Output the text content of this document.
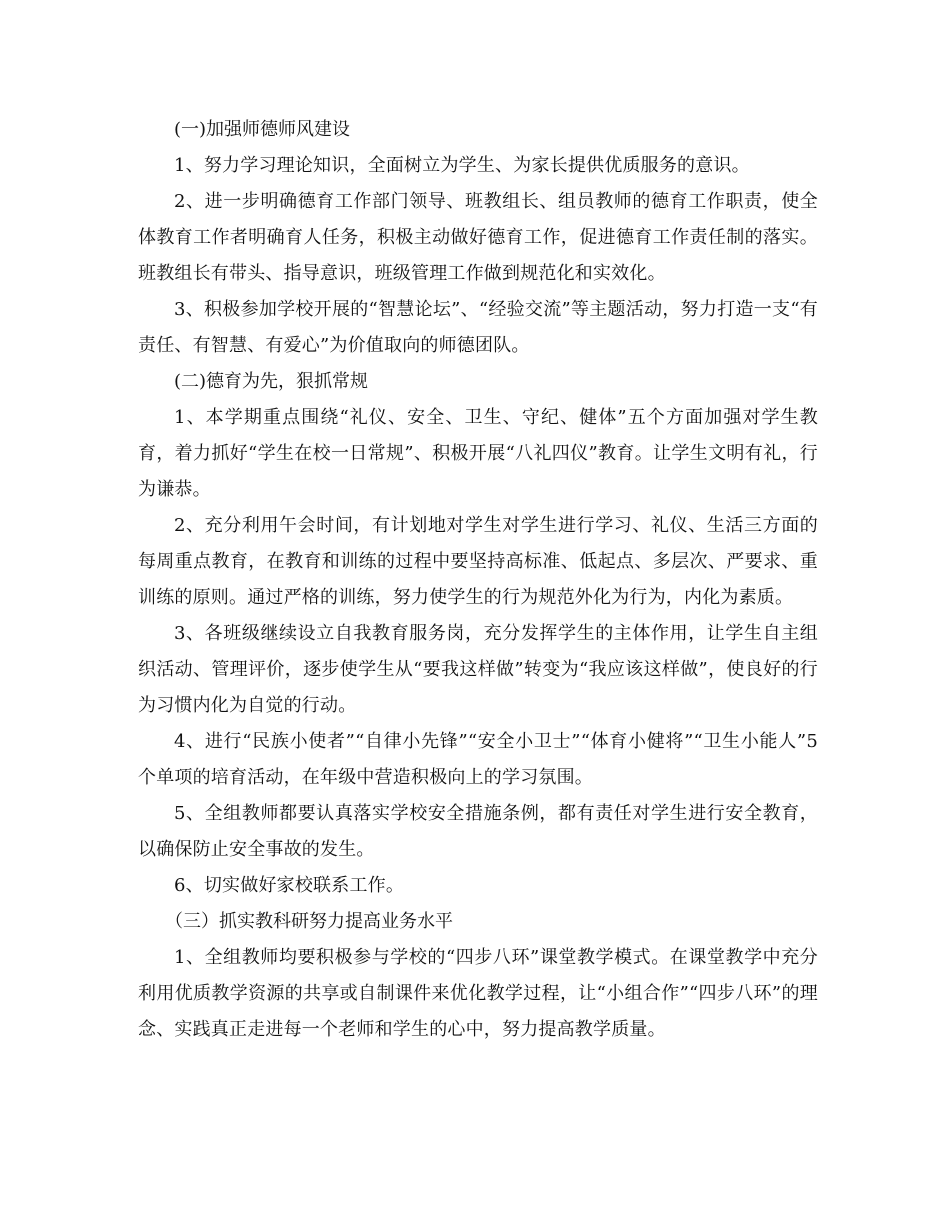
(一)加强师德师风建设

1、努力学习理论知识，全面树立为学生、为家长提供优质服务的意识。

2、进一步明确德育工作部门领导、班教组长、组员教师的德育工作职责，使全体教育工作者明确育人任务，积极主动做好德育工作，促进德育工作责任制的落实。班教组长有带头、指导意识，班级管理工作做到规范化和实效化。

3、积极参加学校开展的“智慧论坛”、“经验交流”等主题活动，努力打造一支“有责任、有智慧、有爱心”为价值取向的师德团队。

(二)德育为先，狠抓常规

1、本学期重点围绕“礼仪、安全、卫生、守纪、健体”五个方面加强对学生教育，着力抓好“学生在校一日常规”、积极开展“八礼四仪”教育。让学生文明有礼，行为谦恭。

2、充分利用午会时间，有计划地对学生对学生进行学习、礼仪、生活三方面的每周重点教育，在教育和训练的过程中要坚持高标准、低起点、多层次、严要求、重训练的原则。通过严格的训练，努力使学生的行为规范外化为行为，内化为素质。

3、各班级继续设立自我教育服务岗，充分发挥学生的主体作用，让学生自主组织活动、管理评价，逐步使学生从“要我这样做”转变为“我应该这样做”，使良好的行为习惯内化为自觉的行动。

4、进行“民族小使者”“自律小先锋”“安全小卫士”“体育小健将”“卫生小能人”5个单项的培育活动，在年级中营造积极向上的学习氛围。

5、全组教师都要认真落实学校安全措施条例，都有责任对学生进行安全教育，以确保防止安全事故的发生。

6、切实做好家校联系工作。

（三）抓实教科研努力提高业务水平

1、全组教师均要积极参与学校的“四步八环”课堂教学模式。在课堂教学中充分利用优质教学资源的共享或自制课件来优化教学过程，让“小组合作”“四步八环”的理念、实践真正走进每一个老师和学生的心中，努力提高教学质量。
